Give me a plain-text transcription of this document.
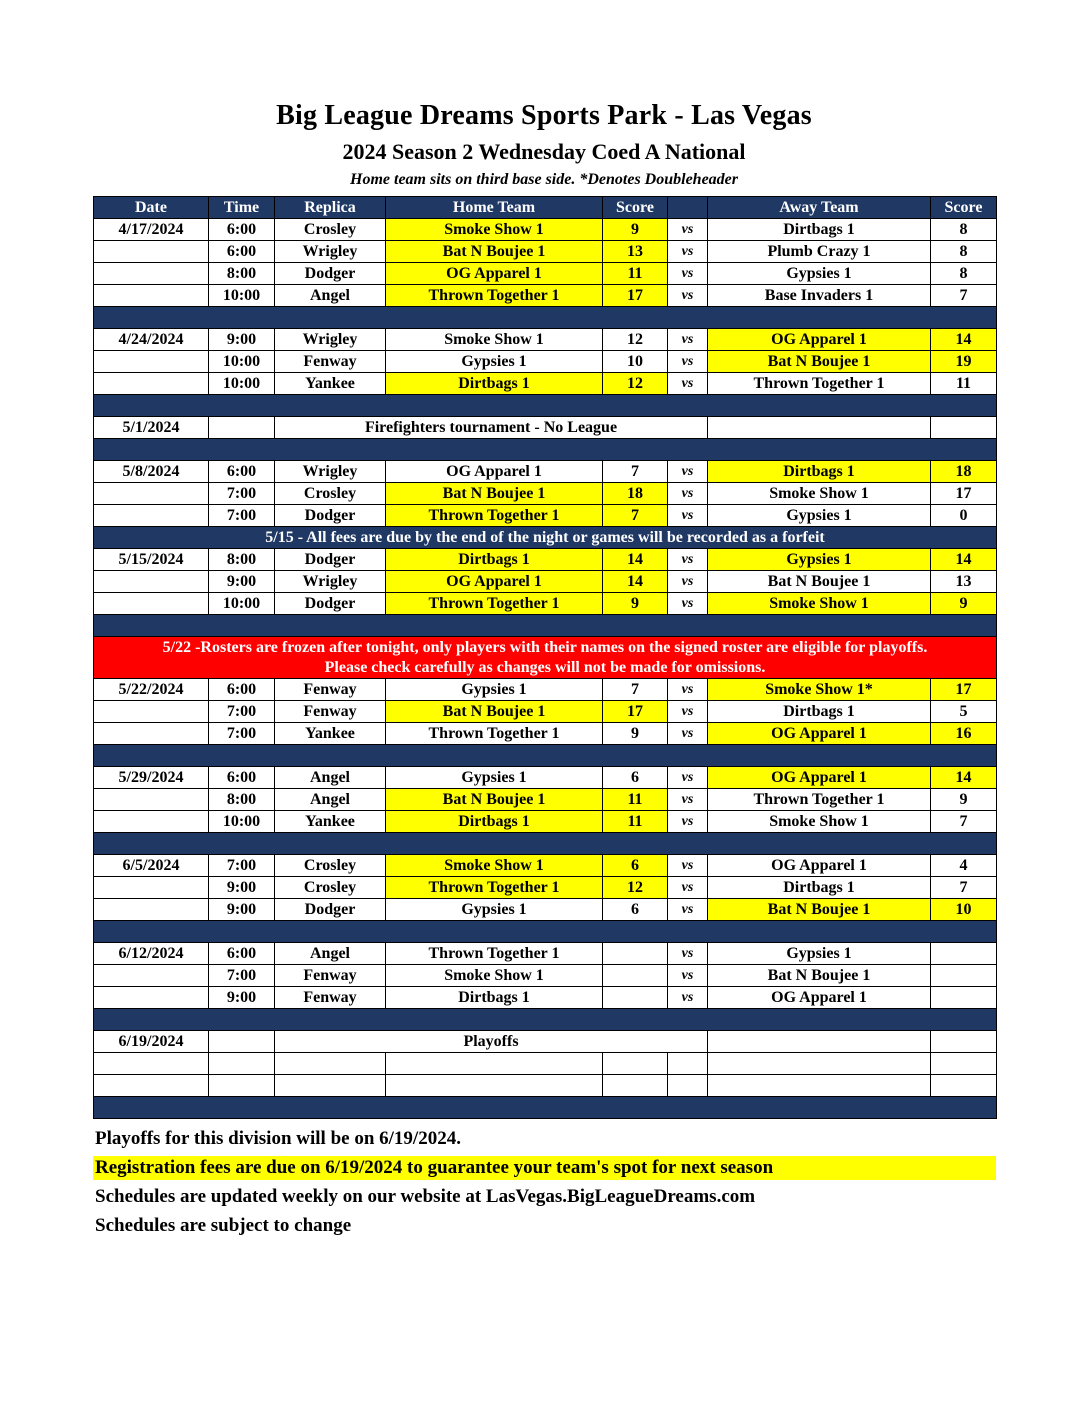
Big League Dreams Sports Park - Las Vegas
2024 Season 2 Wednesday Coed A National
Home team sits on third base side. *Denotes Doubleheader
Date	Time	Replica	Home Team	Score		Away Team	Score
4/17/2024	6:00	Crosley	Smoke Show 1	9	vs	Dirtbags 1	8
	6:00	Wrigley	Bat N Boujee 1	13	vs	Plumb Crazy 1	8
	8:00	Dodger	OG Apparel 1	11	vs	Gypsies 1	8
	10:00	Angel	Thrown Together 1	17	vs	Base Invaders 1	7

4/24/2024	9:00	Wrigley	Smoke Show 1	12	vs	OG Apparel 1	14
	10:00	Fenway	Gypsies 1	10	vs	Bat N Boujee 1	19
	10:00	Yankee	Dirtbags 1	12	vs	Thrown Together 1	11

5/1/2024		Firefighters tournament - No League					

5/8/2024	6:00	Wrigley	OG Apparel 1	7	vs	Dirtbags 1	18
	7:00	Crosley	Bat N Boujee 1	18	vs	Smoke Show 1	17
	7:00	Dodger	Thrown Together 1	7	vs	Gypsies 1	0

5/15 - All fees are due by the end of the night or games will be recorded as a forfeit							

5/15/2024	8:00	Dodger	Dirtbags 1	14	vs	Gypsies 1	14
	9:00	Wrigley	OG Apparel 1	14	vs	Bat N Boujee 1	13
	10:00	Dodger	Thrown Together 1	9	vs	Smoke Show 1	9

5/22 -Rosters are frozen after tonight, only players with their names on the signed roster are eligible for playoffs.
Please check carefully as changes will not be made for omissions.							

5/22/2024	6:00	Fenway	Gypsies 1	7	vs	Smoke Show 1*	17
	7:00	Fenway	Bat N Boujee 1	17	vs	Dirtbags 1	5
	7:00	Yankee	Thrown Together 1	9	vs	OG Apparel 1	16

5/29/2024	6:00	Angel	Gypsies 1	6	vs	OG Apparel 1	14
	8:00	Angel	Bat N Boujee 1	11	vs	Thrown Together 1	9
	10:00	Yankee	Dirtbags 1	11	vs	Smoke Show 1	7

6/5/2024	7:00	Crosley	Smoke Show 1	6	vs	OG Apparel 1	4
	9:00	Crosley	Thrown Together 1	12	vs	Dirtbags 1	7
	9:00	Dodger	Gypsies 1	6	vs	Bat N Boujee 1	10

6/12/2024	6:00	Angel	Thrown Together 1		vs	Gypsies 1	
	7:00	Fenway	Smoke Show 1		vs	Bat N Boujee 1	
	9:00	Fenway	Dirtbags 1		vs	OG Apparel 1	

6/19/2024		Playoffs					

Playoffs for this division will be on 6/19/2024.
Registration fees are due on 6/19/2024 to guarantee your team's spot for next season
Schedules are updated weekly on our website at LasVegas.BigLeagueDreams.com
Schedules are subject to change
